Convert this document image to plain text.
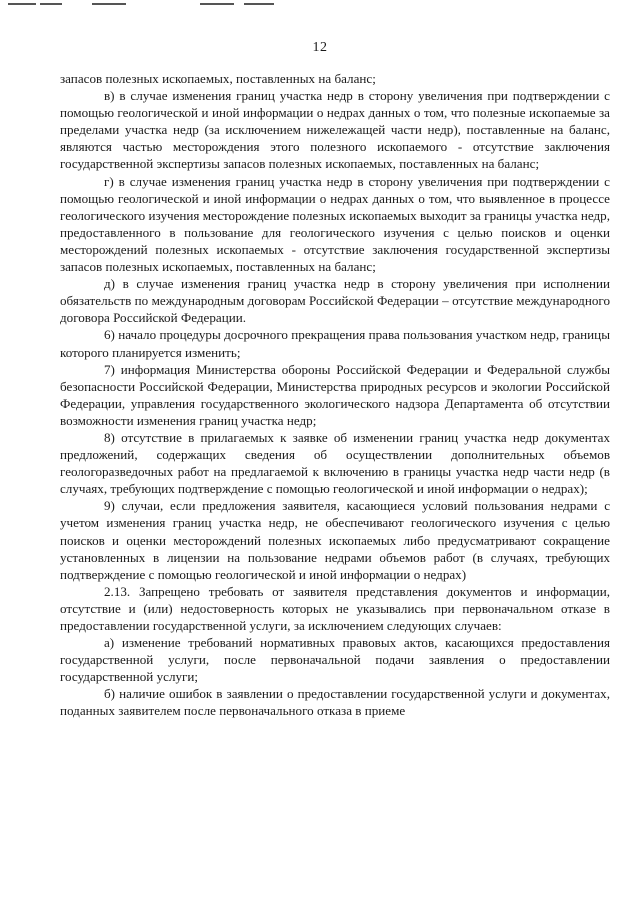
12

запасов полезных ископаемых, поставленных на баланс;

в) в случае изменения границ участка недр в сторону увеличения при подтверждении с помощью геологической и иной информации о недрах данных о том, что полезные ископаемые за пределами участка недр (за исключением нижележащей части недр), поставленные на баланс, являются частью месторождения этого полезного ископаемого - отсутствие заключения государственной экспертизы запасов полезных ископаемых, поставленных на баланс;

г) в случае изменения границ участка недр в сторону увеличения при подтверждении с помощью геологической и иной информации о недрах данных о том, что выявленное в процессе геологического изучения месторождение полезных ископаемых выходит за границы участка недр, предоставленного в пользование для геологического изучения с целью поисков и оценки месторождений полезных ископаемых - отсутствие заключения государственной экспертизы запасов полезных ископаемых, поставленных на баланс;

д) в случае изменения границ участка недр в сторону увеличения при исполнении обязательств по международным договорам Российской Федерации – отсутствие международного договора Российской Федерации.

6) начало процедуры досрочного прекращения права пользования участком недр, границы которого планируется изменить;

7) информация Министерства обороны Российской Федерации и Федеральной службы безопасности Российской Федерации, Министерства природных ресурсов и экологии Российской Федерации, управления государственного экологического надзора Департамента об отсутствии возможности изменения границ участка недр;

8) отсутствие в прилагаемых к заявке об изменении границ участка недр документах предложений, содержащих сведения об осуществлении дополнительных объемов геологоразведочных работ на предлагаемой к включению в границы участка недр части недр (в случаях, требующих подтверждение с помощью геологической и иной информации о недрах);

9) случаи, если предложения заявителя, касающиеся условий пользования недрами с учетом изменения границ участка недр, не обеспечивают геологического изучения с целью поисков и оценки месторождений полезных ископаемых либо предусматривают сокращение установленных в лицензии на пользование недрами объемов работ (в случаях, требующих подтверждение с помощью геологической и иной информации о недрах)

2.13. Запрещено требовать от заявителя представления документов и информации, отсутствие и (или) недостоверность которых не указывались при первоначальном отказе в предоставлении государственной услуги, за исключением следующих случаев:

а) изменение требований нормативных правовых актов, касающихся предоставления государственной услуги, после первоначальной подачи заявления о предоставлении государственной услуги;

б) наличие ошибок в заявлении о предоставлении государственной услуги и документах, поданных заявителем после первоначального отказа в приеме
